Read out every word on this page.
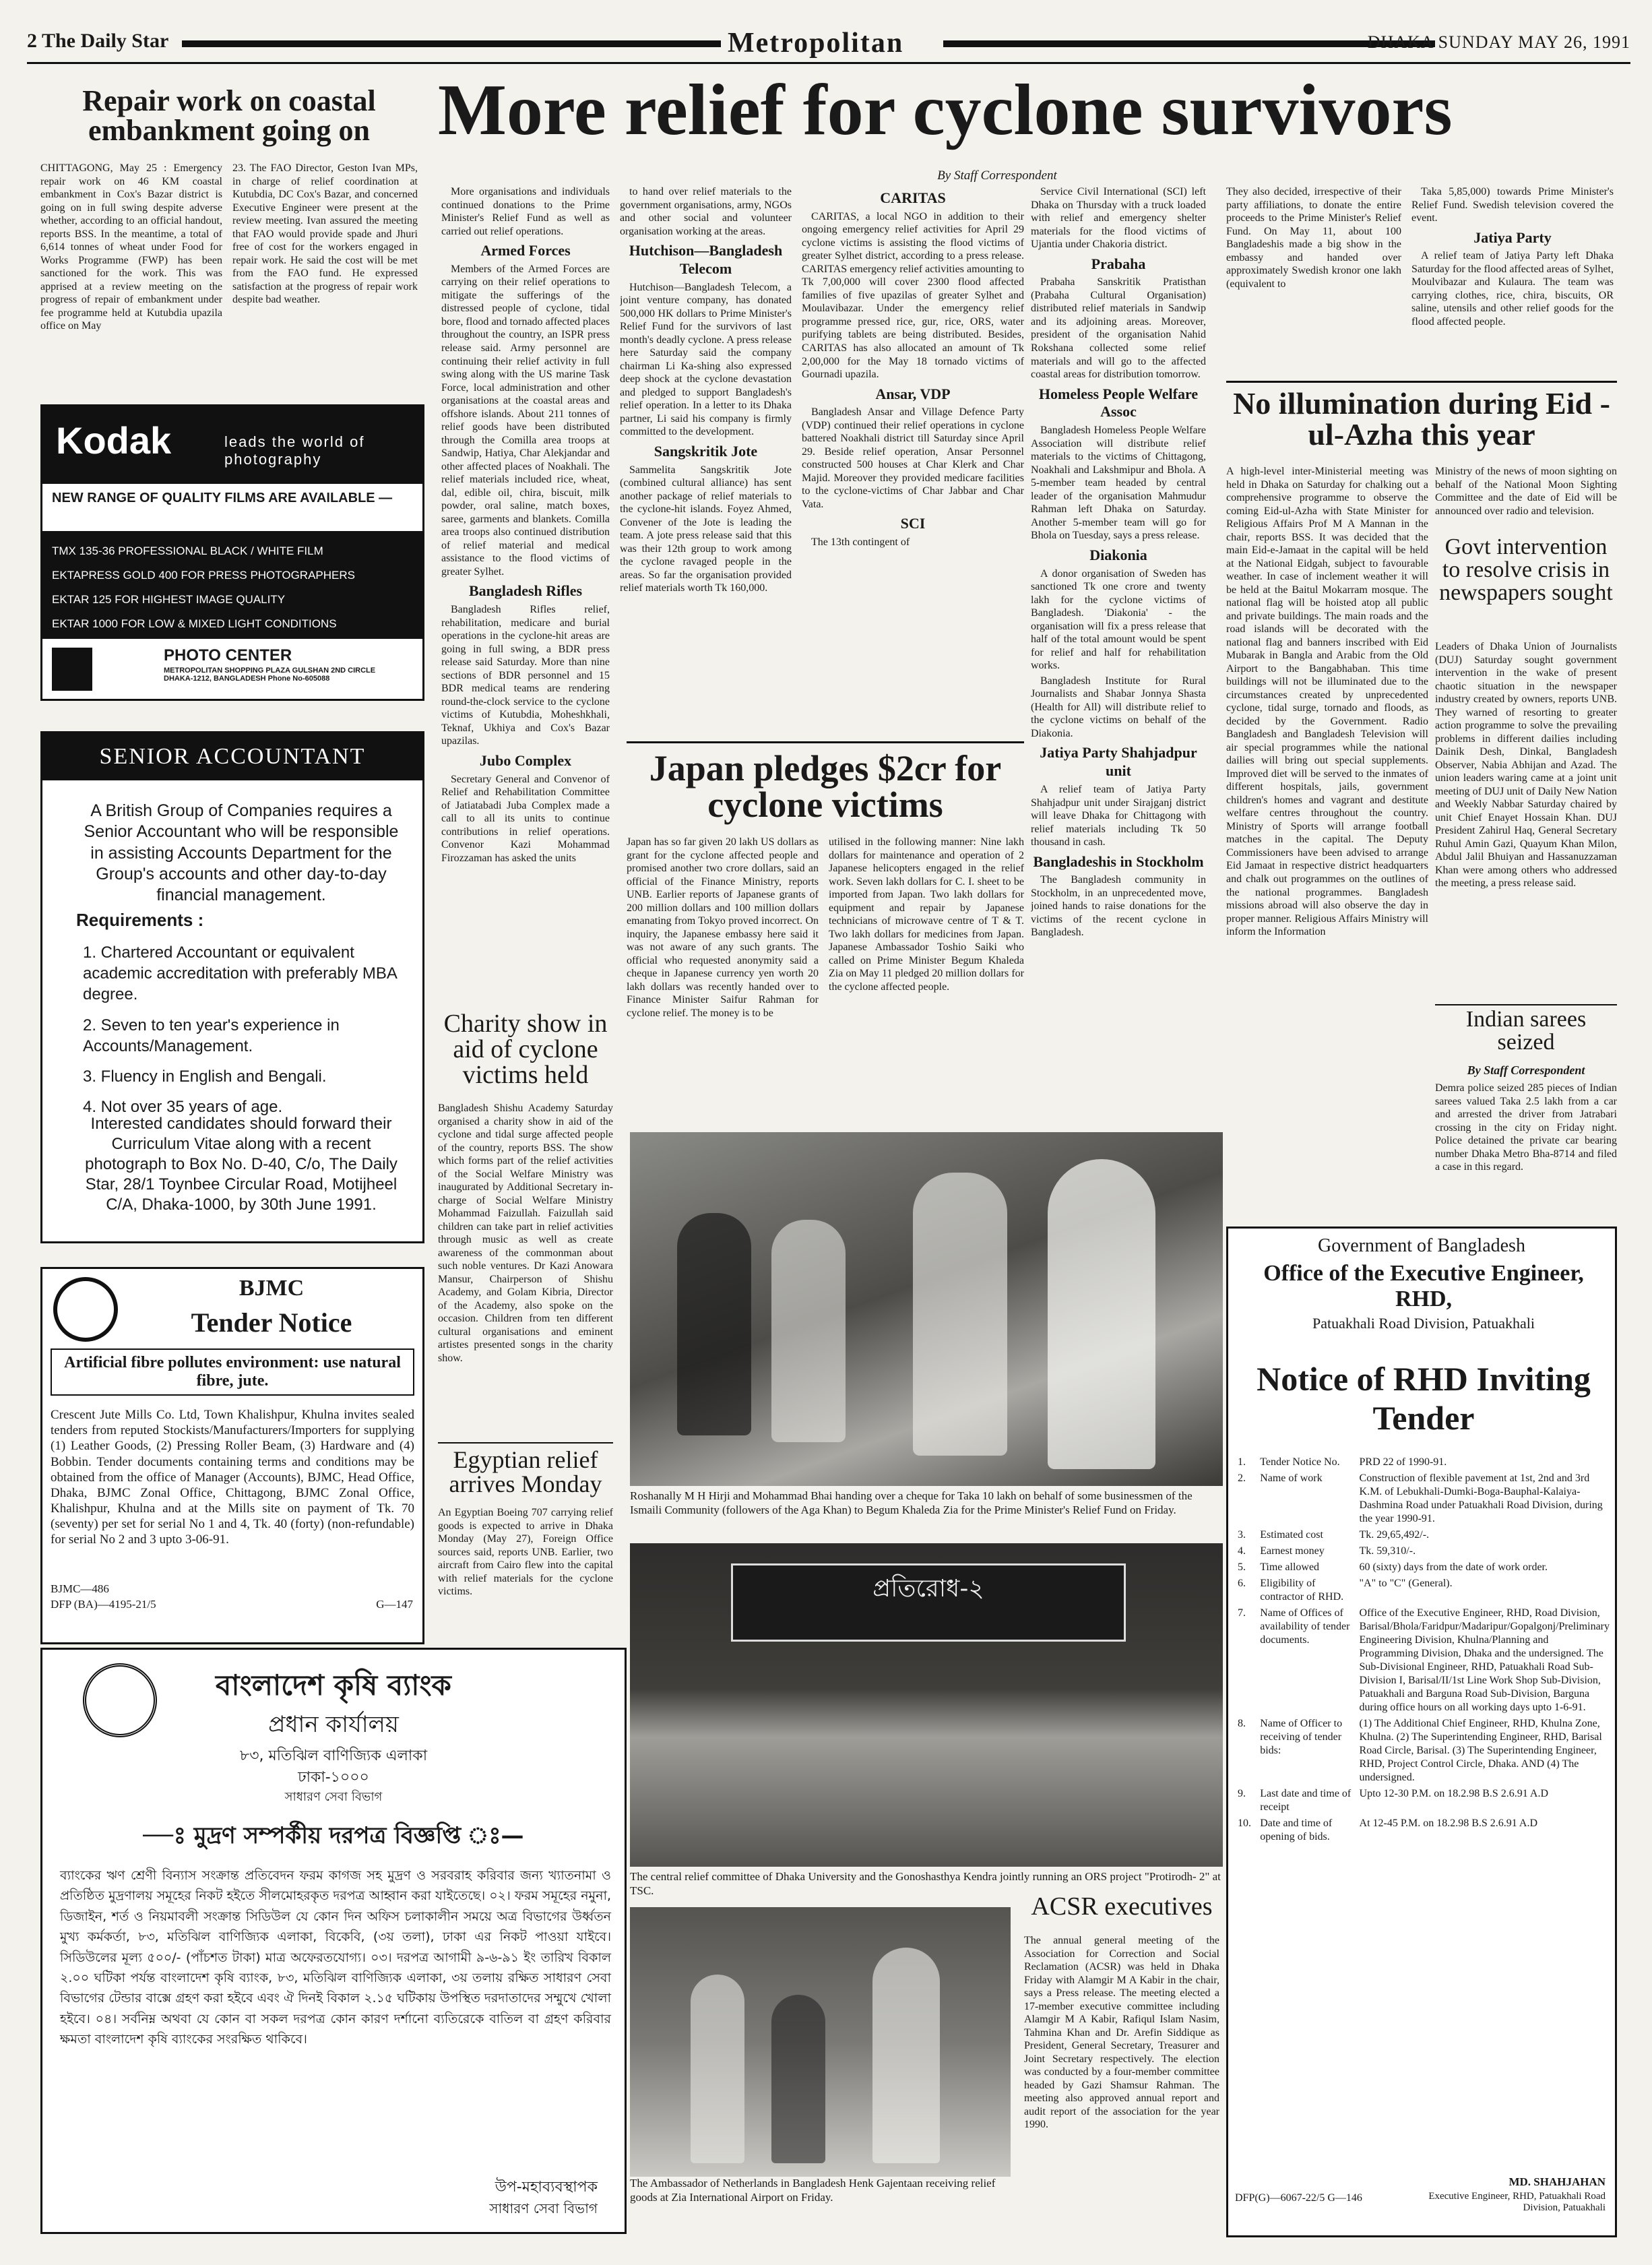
2 The Daily Star	Metropolitan	DHAKA SUNDAY MAY 26, 1991
Repair work on coastal embankment going on
CHITTAGONG, May 25 : Emergency repair work on 46 KM coastal embankment in Cox's Bazar district is going on in full swing despite adverse whether, according to an official handout, reports BSS. In the meantime, a total of 6,614 tonnes of wheat under Food for Works Programme (FWP) has been sanctioned for the work. This was apprised at a review meeting on the progress of repair of embankment under fee programme held at Kutubdia upazila office on May
23. The FAO Director, Geston Ivan MPs, in charge of relief coordination at Kutubdia, DC Cox's Bazar, and concerned Executive Engineer were present at the review meeting. Ivan assured the meeting that FAO would provide spade and Jhuri free of cost for the workers engaged in repair work. He said the cost will be met from the FAO fund. He expressed satisfaction at the progress of repair work despite bad weather.
Kodak	leads the world of photography
NEW RANGE OF QUALITY FILMS ARE AVAILABLE —
TMX 135-36 PROFESSIONAL BLACK / WHITE FILM
EKTAPRESS GOLD 400 FOR PRESS PHOTOGRAPHERS
EKTAR 125 FOR HIGHEST IMAGE QUALITY
EKTAR 1000 FOR LOW & MIXED LIGHT CONDITIONS
PHOTO CENTER
METROPOLITAN SHOPPING PLAZA GULSHAN 2ND CIRCLE DHAKA-1212, BANGLADESH Phone No-605088
SENIOR ACCOUNTANT
A British Group of Companies requires a Senior Accountant who will be responsible in assisting Accounts Department for the Group's accounts and other day-to-day financial management.
Requirements :
1. Chartered Accountant or equivalent academic accreditation with preferably MBA degree.
2. Seven to ten year's experience in Accounts/Management.
3. Fluency in English and Bengali.
4. Not over 35 years of age.
Interested candidates should forward their Curriculum Vitae along with a recent photograph to Box No. D-40, C/o, The Daily Star, 28/1 Toynbee Circular Road, Motijheel C/A, Dhaka-1000, by 30th June 1991.
BJMC
Tender Notice
Artificial fibre pollutes environment: use natural fibre, jute.
Crescent Jute Mills Co. Ltd, Town Khalishpur, Khulna invites sealed tenders from reputed Stockists/Manufacturers/Importers for supplying (1) Leather Goods, (2) Pressing Roller Beam, (3) Hardware and (4) Bobbin. Tender documents containing terms and conditions may be obtained from the office of Manager (Accounts), BJMC, Head Office, Dhaka, BJMC Zonal Office, Chittagong, BJMC Zonal Office, Khalishpur, Khulna and at the Mills site on payment of Tk. 70 (seventy) per set for serial No 1 and 4, Tk. 40 (forty) (non-refundable) for serial No 2 and 3 upto 3-06-91.
BJMC—486
DFP (BA)—4195-21/5	G—147
বাংলাদেশ কৃষি ব্যাংক
প্রধান কার্যালয়
৮৩, মতিঝিল বাণিজ্যিক এলাকা
ঢাকা-১০০০
সাধারণ সেবা বিভাগ
—ঃ মুদ্রণ সম্পর্কীয় দরপত্র বিজ্ঞপ্তি ঃ—
ব্যাংকের ঋণ শ্রেণী বিন্যাস সংক্রান্ত প্রতিবেদন ফরম কাগজ সহ মুদ্রণ ও সরবরাহ করিবার জন্য খ্যাতনামা ও প্রতিষ্ঠিত মুদ্রণালয় সমূহের নিকট হইতে সীলমোহরকৃত দরপত্র আহ্বান করা যাইতেছে। ০২। ফরম সমূহের নমুনা, ডিজাইন, শর্ত ও নিয়মাবলী সংক্রান্ত সিডিউল যে কোন দিন অফিস চলাকালীন সময়ে অত্র বিভাগের উর্ধ্বতন মুখ্য কর্মকর্তা, ৮৩, মতিঝিল বাণিজ্যিক এলাকা, বিকেবি, (৩য় তলা), ঢাকা এর নিকট পাওয়া যাইবে। সিডিউলের মূল্য ৫০০/- (পাঁচশত টাকা) মাত্র অফেরতযোগ্য। ০৩। দরপত্র আগামী ৯-৬-৯১ ইং তারিখ বিকাল ২.০০ ঘটিকা পর্যন্ত বাংলাদেশ কৃষি ব্যাংক, ৮৩, মতিঝিল বাণিজ্যিক এলাকা, ৩য় তলায় রক্ষিত সাধারণ সেবা বিভাগের টেন্ডার বাক্সে গ্রহণ করা হইবে এবং ঐ দিনই বিকাল ২.১৫ ঘটিকায় উপস্থিত দরদাতাদের সম্মুখে খোলা হইবে। ০৪। সর্বনিম্ন অথবা যে কোন বা সকল দরপত্র কোন কারণ দর্শানো ব্যতিরেকে বাতিল বা গ্রহণ করিবার ক্ষমতা বাংলাদেশ কৃষি ব্যাংকের সংরক্ষিত থাকিবে।
উপ-মহাব্যবস্থাপক
সাধারণ সেবা বিভাগ
More relief for cyclone survivors
By Staff Correspondent

More organisations and individuals continued donations to the Prime Minister's Relief Fund as well as carried out relief operations.

Armed Forces

Members of the Armed Forces are carrying on their relief operations to mitigate the sufferings of the distressed people of cyclone, tidal bore, flood and tornado affected places throughout the country, an ISPR press release said. Army personnel are continuing their relief activity in full swing along with the US marine Task Force, local administration and other organisations at the coastal areas and offshore islands. About 211 tonnes of relief goods have been distributed through the Comilla area troops at Sandwip, Hatiya, Char Alekjandar and other affected places of Noakhali. The relief materials included rice, wheat, dal, edible oil, chira, biscuit, milk powder, oral saline, match boxes, saree, garments and blankets. Comilla area troops also continued distribution of relief material and medical assistance to the flood victims of greater Sylhet.

Bangladesh Rifles

Bangladesh Rifles relief, rehabilitation, medicare and burial operations in the cyclone-hit areas are going in full swing, a BDR press release said Saturday. More than nine sections of BDR personnel and 15 BDR medical teams are rendering round-the-clock service to the cyclone victims of Kutubdia, Moheshkhali, Teknaf, Ukhiya and Cox's Bazar upazilas.

Jubo Complex

Secretary General and Convenor of Relief and Rehabilitation Committee of Jatiatabadi Juba Complex made a call to all its units to continue contributions in relief operations. Convenor Kazi Mohammad Firozzaman has asked the units

to hand over relief materials to the government organisations, army, NGOs and other social and volunteer organisation working at the areas.

Hutchison—Bangladesh Telecom

Hutchison—Bangladesh Telecom, a joint venture company, has donated 500,000 HK dollars to Prime Minister's Relief Fund for the survivors of last month's deadly cyclone. A press release here Saturday said the company chairman Li Ka-shing also expressed deep shock at the cyclone devastation and pledged to support Bangladesh's relief operation. In a letter to its Dhaka partner, Li said his company is firmly committed to the development.

Sangskritik Jote

Sammelita Sangskritik Jote (combined cultural alliance) has sent another package of relief materials to the cyclone-hit islands. Foyez Ahmed, Convener of the Jote is leading the team. A jote press release said that this was their 12th group to work among the cyclone ravaged people in the areas. So far the organisation provided relief materials worth Tk 160,000.

CARITAS

CARITAS, a local NGO in addition to their ongoing emergency relief activities for April 29 cyclone victims is assisting the flood victims of greater Sylhet district, according to a press release. CARITAS emergency relief activities amounting to Tk 7,00,000 will cover 2300 flood affected families of five upazilas of greater Sylhet and Moulavibazar. Under the emergency relief programme pressed rice, gur, rice, ORS, water purifying tablets are being distributed. Besides, CARITAS has also allocated an amount of Tk 2,00,000 for the May 18 tornado victims of Gournadi upazila.

Ansar, VDP

Bangladesh Ansar and Village Defence Party (VDP) continued their relief operations in cyclone battered Noakhali district till Saturday since April 29. Beside relief operation, Ansar Personnel constructed 500 houses at Char Klerk and Char Majid. Moreover they provided medicare facilities to the cyclone-victims of Char Jabbar and Char Vata.

SCI

The 13th contingent of

Service Civil International (SCI) left Dhaka on Thursday with a truck loaded with relief and emergency shelter materials for the flood victims of Ujantia under Chakoria district.

Prabaha

Prabaha Sanskritik Pratisthan (Prabaha Cultural Organisation) distributed relief materials in Sandwip and its adjoining areas. Moreover, president of the organisation Nahid Rokshana collected some relief materials and will go to the affected coastal areas for distribution tomorrow.

Homeless People Welfare Assoc

Bangladesh Homeless People Welfare Association will distribute relief materials to the victims of Chittagong, Noakhali and Lakshmipur and Bhola. A 5-member team headed by central leader of the organisation Mahmudur Rahman left Dhaka on Saturday. Another 5-member team will go for Bhola on Tuesday, says a press release.

Diakonia

A donor organisation of Sweden has sanctioned Tk one crore and twenty lakh for the cyclone victims of Bangladesh. 'Diakonia' - the organisation will fix a press release that half of the total amount would be spent for relief and half for rehabilitation works.

Bangladesh Institute for Rural Journalists and Shabar Jonnya Shasta (Health for All) will distribute relief to the cyclone victims on behalf of the Diakonia.

Jatiya Party Shahjadpur unit

A relief team of Jatiya Party Shahjadpur unit under Sirajganj district will leave Dhaka for Chittagong with relief materials including Tk 50 thousand in cash.

Bangladeshis in Stockholm

The Bangladesh community in Stockholm, in an unprecedented move, joined hands to raise donations for the victims of the recent cyclone in Bangladesh.

They also decided, irrespective of their party affiliations, to donate the entire proceeds to the Prime Minister's Relief Fund. On May 11, about 100 Bangladeshis made a big show in the embassy and handed over approximately Swedish kronor one lakh (equivalent to

Taka 5,85,000) towards Prime Minister's Relief Fund. Swedish television covered the event.

Jatiya Party

A relief team of Jatiya Party left Dhaka Saturday for the flood affected areas of Sylhet, Moulvibazar and Kulaura. The team was carrying clothes, rice, chira, biscuits, OR saline, utensils and other relief goods for the flood affected people.

Japan pledges $2cr for cyclone victims
Japan has so far given 20 lakh US dollars as grant for the cyclone affected people and promised another two crore dollars, said an official of the Finance Ministry, reports UNB. Earlier reports of Japanese grants of 200 million dollars and 100 million dollars emanating from Tokyo proved incorrect. On inquiry, the Japanese embassy here said it was not aware of any such grants. The official who requested anonymity said a cheque in Japanese currency yen worth 20 lakh dollars was recently handed over to Finance Minister Saifur Rahman for cyclone relief. The money is to be
utilised in the following manner: Nine lakh dollars for maintenance and operation of 2 Japanese helicopters engaged in the relief work. Seven lakh dollars for C. I. sheet to be imported from Japan. Two lakh dollars for equipment and repair by Japanese technicians of microwave centre of T & T. Two lakh dollars for medicines from Japan. Japanese Ambassador Toshio Saiki who called on Prime Minister Begum Khaleda Zia on May 11 pledged 20 million dollars for the cyclone affected people.
Charity show in aid of cyclone victims held
Bangladesh Shishu Academy Saturday organised a charity show in aid of the cyclone and tidal surge affected people of the country, reports BSS. The show which forms part of the relief activities of the Social Welfare Ministry was inaugurated by Additional Secretary in-charge of Social Welfare Ministry Mohammad Faizullah. Faizullah said children can take part in relief activities through music as well as create awareness of the commonman about such noble ventures. Dr Kazi Anowara Mansur, Chairperson of Shishu Academy, and Golam Kibria, Director of the Academy, also spoke on the occasion. Children from ten different cultural organisations and eminent artistes presented songs in the charity show.
Egyptian relief arrives Monday
An Egyptian Boeing 707 carrying relief goods is expected to arrive in Dhaka Monday (May 27), Foreign Office sources said, reports UNB. Earlier, two aircraft from Cairo flew into the capital with relief materials for the cyclone victims.
Roshanally M H Hirji and Mohammad Bhai handing over a cheque for Taka 10 lakh on behalf of some businessmen of the Ismaili Community (followers of the Aga Khan) to Begum Khaleda Zia for the Prime Minister's Relief Fund on Friday.
প্রতিরোধ-২
The central relief committee of Dhaka University and the Gonoshasthya Kendra jointly running an ORS project "Protirodh- 2" at TSC.
The Ambassador of Netherlands in Bangladesh Henk Gajentaan receiving relief goods at Zia International Airport on Friday.
ACSR executives
The annual general meeting of the Association for Correction and Social Reclamation (ACSR) was held in Dhaka Friday with Alamgir M A Kabir in the chair, says a Press release. The meeting elected a 17-member executive committee including Alamgir M A Kabir, Rafiqul Islam Nasim, Tahmina Khan and Dr. Arefin Siddique as President, General Secretary, Treasurer and Joint Secretary respectively. The election was conducted by a four-member committee headed by Gazi Shamsur Rahman. The meeting also approved annual report and audit report of the association for the year 1990.
No illumination during Eid -ul-Azha this year
A high-level inter-Ministerial meeting was held in Dhaka on Saturday for chalking out a comprehensive programme to observe the coming Eid-ul-Azha with State Minister for Religious Affairs Prof M A Mannan in the chair, reports BSS. It was decided that the main Eid-e-Jamaat in the capital will be held at the National Eidgah, subject to favourable weather. In case of inclement weather it will be held at the Baitul Mokarram mosque. The national flag will be hoisted atop all public and private buildings. The main roads and the road islands will be decorated with the national flag and banners inscribed with Eid Mubarak in Bangla and Arabic from the Old Airport to the Bangabhaban. This time buildings will not be illuminated due to the circumstances created by unprecedented cyclone, tidal surge, tornado and floods, as decided by the Government. Radio Bangladesh and Bangladesh Television will air special programmes while the national dailies will bring out special supplements. Improved diet will be served to the inmates of different hospitals, jails, government children's homes and vagrant and destitute welfare centres throughout the country. Ministry of Sports will arrange football matches in the capital. The Deputy Commissioners have been advised to arrange Eid Jamaat in respective district headquarters and chalk out programmes on the outlines of the national programmes. Bangladesh missions abroad will also observe the day in proper manner. Religious Affairs Ministry will inform the Information
Ministry of the news of moon sighting on behalf of the National Moon Sighting Committee and the date of Eid will be announced over radio and television.
Govt intervention to resolve crisis in newspapers sought
Leaders of Dhaka Union of Journalists (DUJ) Saturday sought government intervention in the wake of present chaotic situation in the newspaper industry created by owners, reports UNB. They warned of resorting to greater action programme to solve the prevailing problems in different dailies including Dainik Desh, Dinkal, Bangladesh Observer, Nabia Abhijan and Azad. The union leaders waring came at a joint unit meeting of DUJ unit of Daily New Nation and Weekly Nabbar Saturday chaired by unit Chief Enayet Hossain Khan. DUJ President Zahirul Haq, General Secretary Ruhul Amin Gazi, Quayum Khan Milon, Abdul Jalil Bhuiyan and Hassanuzzaman Khan were among others who addressed the meeting, a press release said.
Indian sarees seized
By Staff Correspondent
Demra police seized 285 pieces of Indian sarees valued Taka 2.5 lakh from a car and arrested the driver from Jatrabari crossing in the city on Friday night. Police detained the private car bearing number Dhaka Metro Bha-8714 and filed a case in this regard.
Government of Bangladesh
Office of the Executive Engineer, RHD,
Patuakhali Road Division, Patuakhali
Notice of RHD Inviting Tender
1.	Tender Notice No.	PRD 22 of 1990-91.
2.	Name of work	Construction of flexible pavement at 1st, 2nd and 3rd K.M. of Lebukhali-Dumki-Boga-Bauphal-Kalaiya-Dashmina Road under Patuakhali Road Division, during the year 1990-91.
3.	Estimated cost	Tk. 29,65,492/-.
4.	Earnest money	Tk. 59,310/-.
5.	Time allowed	60 (sixty) days from the date of work order.
6.	Eligibility of contractor of RHD.	"A" to "C" (General).
7.	Name of Offices of availability of tender documents.	Office of the Executive Engineer, RHD, Road Division, Barisal/Bhola/Faridpur/Madaripur/Gopalgonj/Preliminary Engineering Division, Khulna/Planning and Programming Division, Dhaka and the undersigned. The Sub-Divisional Engineer, RHD, Patuakhali Road Sub-Division I, Barisal/II/1st Line Work Shop Sub-Division, Patuakhali and Barguna Road Sub-Division, Barguna during office hours on all working days upto 1-6-91.
8.	Name of Officer to receiving of tender bids:	(1) The Additional Chief Engineer, RHD, Khulna Zone, Khulna. (2) The Superintending Engineer, RHD, Barisal Road Circle, Barisal. (3) The Superintending Engineer, RHD, Project Control Circle, Dhaka. AND (4) The undersigned.
9.	Last date and time of receipt	Upto 12-30 P.M. on 18.2.98 B.S 2.6.91 A.D
10.	Date and time of opening of bids.	At 12-45 P.M. on 18.2.98 B.S 2.6.91 A.D
DFP(G)—6067-22/5 G—146
MD. SHAHJAHAN
Executive Engineer, RHD, Patuakhali Road Division, Patuakhali
